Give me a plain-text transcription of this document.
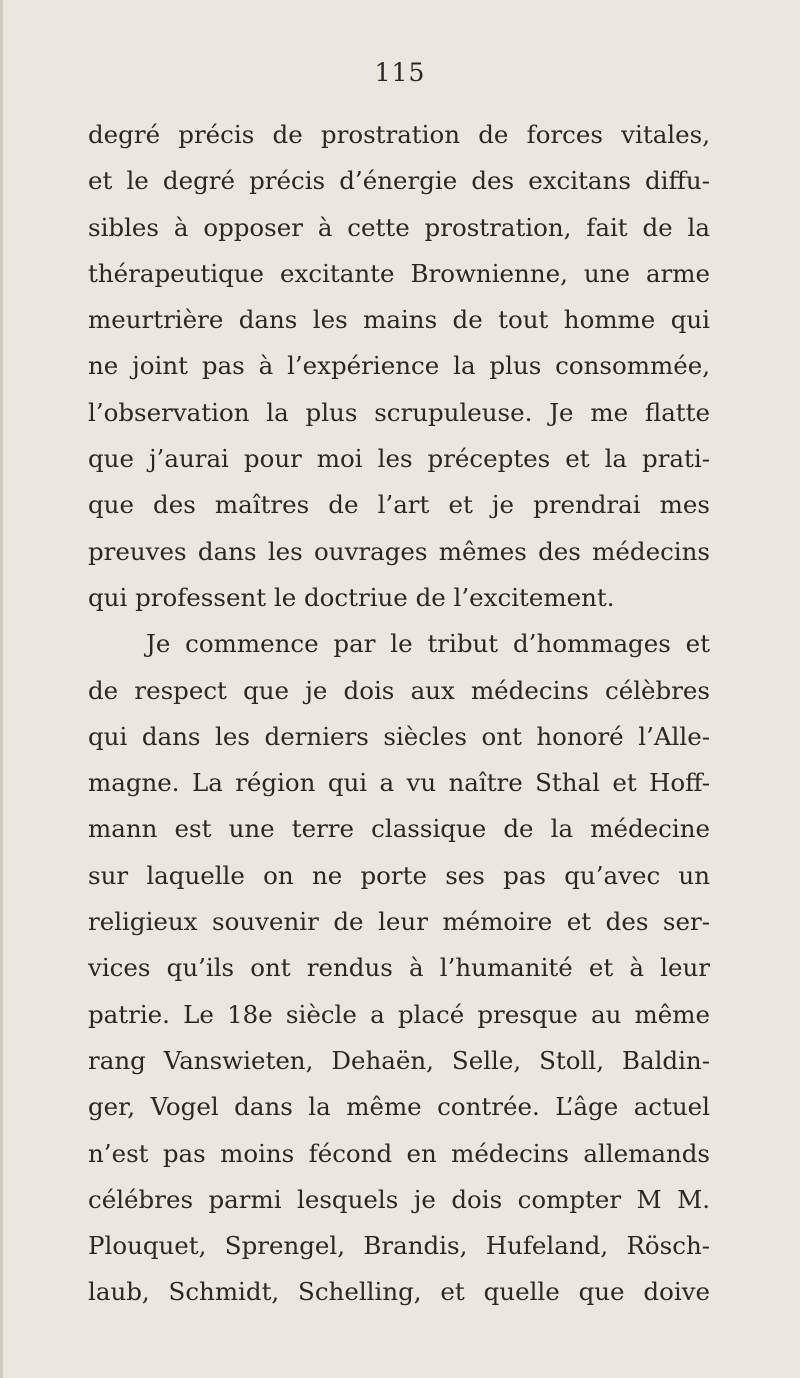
115
degré précis de prostration de forces vitales,
et le degré précis d’énergie des excitans diffu-
sibles à opposer à cette prostration, fait de la
thérapeutique excitante Brownienne, une arme
meurtrière dans les mains de tout homme qui
ne joint pas à l’expérience la plus consommée,
l’observation la plus scrupuleuse. Je me flatte
que j’aurai pour moi les préceptes et la prati-
que des maîtres de l’art et je prendrai mes
preuves dans les ouvrages mêmes des médecins
qui professent le doctriue de l’excitement.
Je commence par le tribut d’hommages et
de respect que je dois aux médecins célèbres
qui dans les derniers siècles ont honoré l’Alle-
magne. La région qui a vu naître Sthal et Hoff-
mann est une terre classique de la médecine
sur laquelle on ne porte ses pas qu’avec un
religieux souvenir de leur mémoire et des ser-
vices qu’ils ont rendus à l’humanité et à leur
patrie. Le 18e siècle a placé presque au même
rang Vanswieten, Dehaën, Selle, Stoll, Baldin-
ger, Vogel dans la même contrée. L’âge actuel
n’est pas moins fécond en médecins allemands
célébres parmi lesquels je dois compter M M.
Plouquet, Sprengel, Brandis, Hufeland, Rösch-
laub, Schmidt, Schelling, et quelle que doive
